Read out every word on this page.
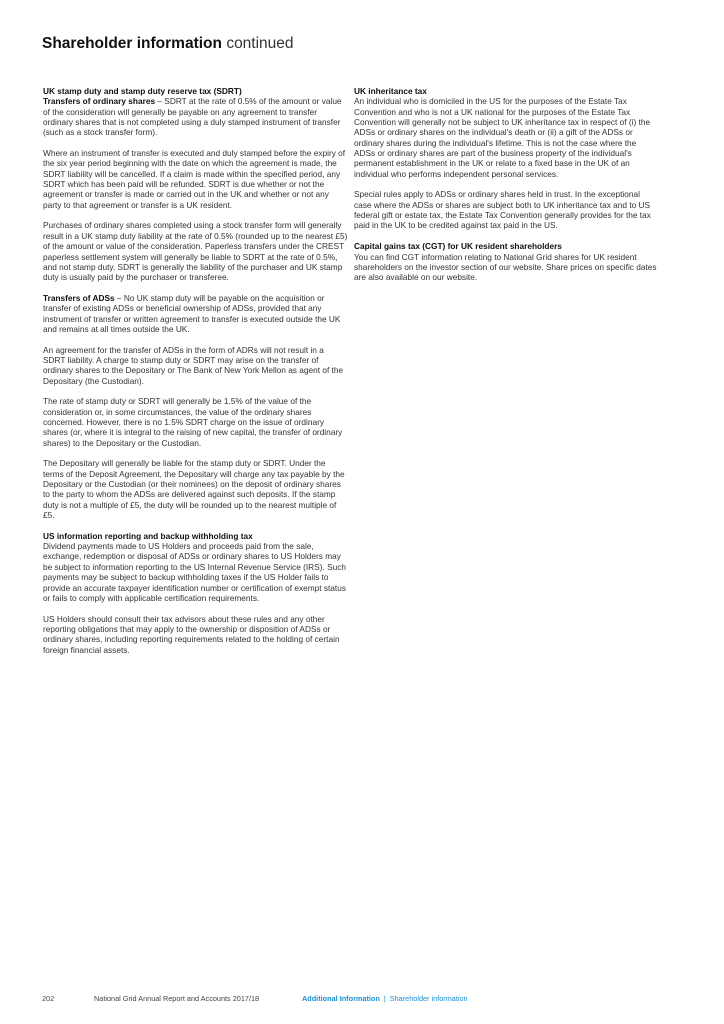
Shareholder information continued
UK stamp duty and stamp duty reserve tax (SDRT)

Transfers of ordinary shares – SDRT at the rate of 0.5% of the amount or value of the consideration will generally be payable on any agreement to transfer ordinary shares that is not completed using a duly stamped instrument of transfer (such as a stock transfer form).

Where an instrument of transfer is executed and duly stamped before the expiry of the six year period beginning with the date on which the agreement is made, the SDRT liability will be cancelled. If a claim is made within the specified period, any SDRT which has been paid will be refunded. SDRT is due whether or not the agreement or transfer is made or carried out in the UK and whether or not any party to that agreement or transfer is a UK resident.

Purchases of ordinary shares completed using a stock transfer form will generally result in a UK stamp duty liability at the rate of 0.5% (rounded up to the nearest £5) of the amount or value of the consideration. Paperless transfers under the CREST paperless settlement system will generally be liable to SDRT at the rate of 0.5%, and not stamp duty. SDRT is generally the liability of the purchaser and UK stamp duty is usually paid by the purchaser or transferee.

Transfers of ADSs – No UK stamp duty will be payable on the acquisition or transfer of existing ADSs or beneficial ownership of ADSs, provided that any instrument of transfer or written agreement to transfer is executed outside the UK and remains at all times outside the UK.

An agreement for the transfer of ADSs in the form of ADRs will not result in a SDRT liability. A charge to stamp duty or SDRT may arise on the transfer of ordinary shares to the Depositary or The Bank of New York Mellon as agent of the Depositary (the Custodian).

The rate of stamp duty or SDRT will generally be 1.5% of the value of the consideration or, in some circumstances, the value of the ordinary shares concerned. However, there is no 1.5% SDRT charge on the issue of ordinary shares (or, where it is integral to the raising of new capital, the transfer of ordinary shares) to the Depositary or the Custodian.

The Depositary will generally be liable for the stamp duty or SDRT. Under the terms of the Deposit Agreement, the Depositary will charge any tax payable by the Depositary or the Custodian (or their nominees) on the deposit of ordinary shares to the party to whom the ADSs are delivered against such deposits. If the stamp duty is not a multiple of £5, the duty will be rounded up to the nearest multiple of £5.

US information reporting and backup withholding tax

Dividend payments made to US Holders and proceeds paid from the sale, exchange, redemption or disposal of ADSs or ordinary shares to US Holders may be subject to information reporting to the US Internal Revenue Service (IRS). Such payments may be subject to backup withholding taxes if the US Holder fails to provide an accurate taxpayer identification number or certification of exempt status or fails to comply with applicable certification requirements.

US Holders should consult their tax advisors about these rules and any other reporting obligations that may apply to the ownership or disposition of ADSs or ordinary shares, including reporting requirements related to the holding of certain foreign financial assets.

UK inheritance tax

An individual who is domiciled in the US for the purposes of the Estate Tax Convention and who is not a UK national for the purposes of the Estate Tax Convention will generally not be subject to UK inheritance tax in respect of (i) the ADSs or ordinary shares on the individual's death or (ii) a gift of the ADSs or ordinary shares during the individual's lifetime. This is not the case where the ADSs or ordinary shares are part of the business property of the individual's permanent establishment in the UK or relate to a fixed base in the UK of an individual who performs independent personal services.

Special rules apply to ADSs or ordinary shares held in trust. In the exceptional case where the ADSs or shares are subject both to UK inheritance tax and to US federal gift or estate tax, the Estate Tax Convention generally provides for the tax paid in the UK to be credited against tax paid in the US.

Capital gains tax (CGT) for UK resident shareholders

You can find CGT information relating to National Grid shares for UK resident shareholders on the investor section of our website. Share prices on specific dates are also available on our website.

202	National Grid Annual Report and Accounts 2017/18	Additional Information | Shareholder information
